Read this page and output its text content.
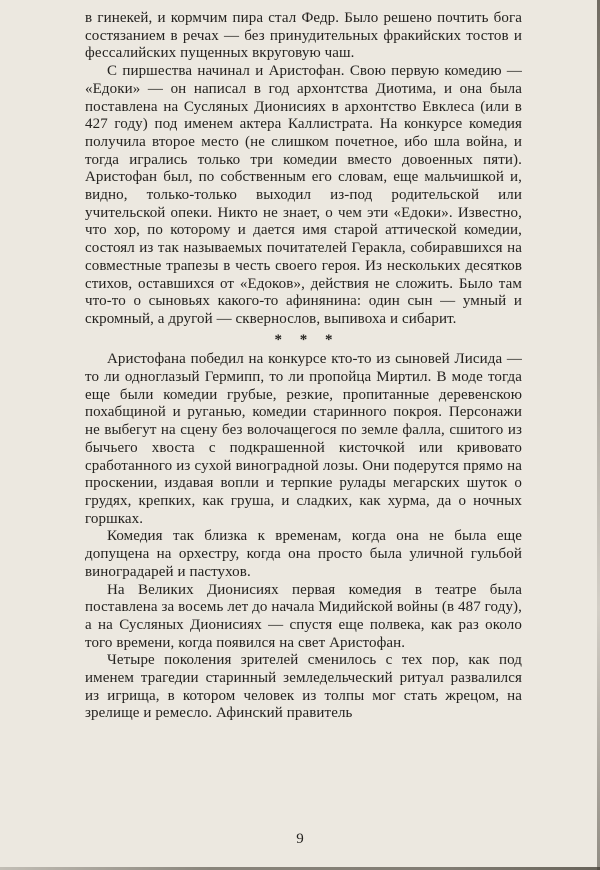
в гинекей, и кормчим пира стал Федр. Было решено почтить бога состязанием в речах — без принудительных фракийских тостов и фессалийских пущенных вкруговую чаш.

С пиршества начинал и Аристофан. Свою первую комедию — «Едоки» — он написал в год архонтства Диотима, и она была поставлена на Сусляных Дионисиях в архонтство Евклеса (или в 427 году) под именем актера Каллистрата. На конкурсе комедия получила второе место (не слишком почетное, ибо шла война, и тогда игрались только три комедии вместо довоенных пяти). Аристофан был, по собственным его словам, еще мальчишкой и, видно, только-только выходил из-под родительской или учительской опеки. Никто не знает, о чем эти «Едоки». Известно, что хор, по которому и дается имя старой аттической комедии, состоял из так называемых почитателей Геракла, собиравшихся на совместные трапезы в честь своего героя. Из нескольких десятков стихов, оставшихся от «Едоков», действия не сложить. Было там что-то о сыновьях какого-то афинянина: один сын — умный и скромный, а другой — сквернослов, выпивоха и сибарит.

* * *

Аристофана победил на конкурсе кто-то из сыновей Лисида — то ли одноглазый Гермипп, то ли пропойца Миртил. В моде тогда еще были комедии грубые, резкие, пропитанные деревенскою похабщиной и руганью, комедии старинного покроя. Персонажи не выбегут на сцену без волочащегося по земле фалла, сшитого из бычьего хвоста с подкрашенной кисточкой или кривовато сработанного из сухой виноградной лозы. Они подерутся прямо на проскении, издавая вопли и терпкие рулады мегарских шуток о грудях, крепких, как груша, и сладких, как хурма, да о ночных горшках.

Комедия так близка к временам, когда она не была еще допущена на орхестру, когда она просто была уличной гульбой виноградарей и пастухов.

На Великих Дионисиях первая комедия в театре была поставлена за восемь лет до начала Мидийской войны (в 487 году), а на Сусляных Дионисиях — спустя еще полвека, как раз около того времени, когда появился на свет Аристофан.

Четыре поколения зрителей сменилось с тех пор, как под именем трагедии старинный земледельческий ритуал развалился из игрища, в котором человек из толпы мог стать жрецом, на зрелище и ремесло. Афинский правитель

9
